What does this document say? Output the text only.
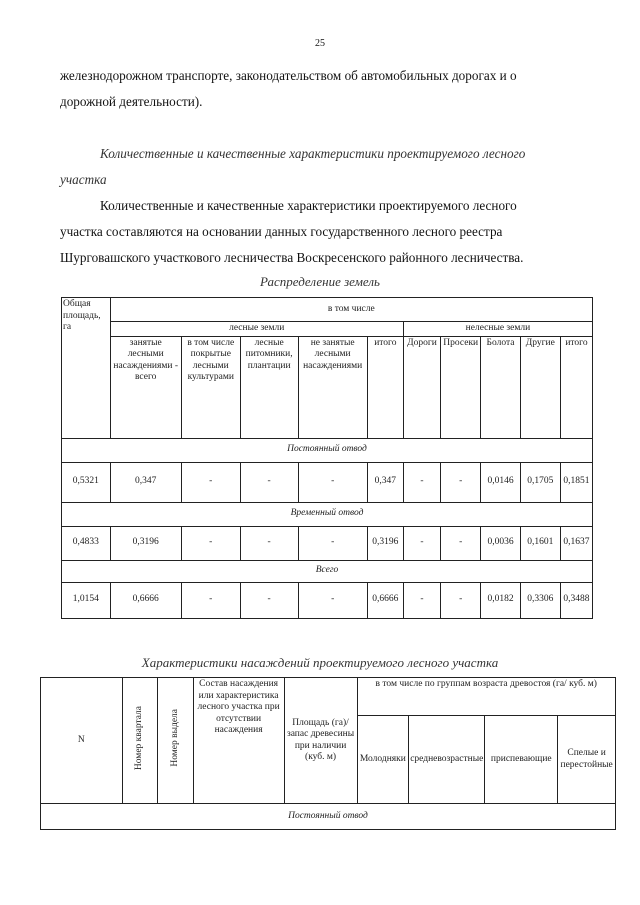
25
железнодорожном транспорте, законодательством об автомобильных дорогах и о
дорожной деятельности).
Количественные и качественные характеристики проектируемого лесного
участка
Количественные и качественные характеристики проектируемого лесного
участка составляются на основании данных государственного лесного реестра
Шурговашского участкового лесничества Воскресенского районного лесничества.
Распределение земель
Общая площадь, га	в том числе									
	лесные земли					нелесные земли				
	занятые лесными насаждениями - всего	в том числе покрытые лесными культурами	лесные питомники, плантации	не занятые лесными насаждениями	итого	Дороги	Просеки	Болота	Другие	итого
Постоянный отвод										
0,5321	0,347	-	-	-	0,347	-	-	0,0146	0,1705	0,1851
Временный отвод										
0,4833	0,3196	-	-	-	0,3196	-	-	0,0036	0,1601	0,1637
Всего										
1,0154	0,6666	-	-	-	0,6666	-	-	0,0182	0,3306	0,3488
Характеристики насаждений проектируемого лесного участка
N	Номер квартала	Номер выдела	Состав насаждения или характеристика лесного участка при отсутствии насаждения	Площадь (га)/запас древесины при наличии (куб. м)	в том числе по группам возраста древостоя (га/ куб. м)			
					Молодняки	средневозрастные	приспевающие	Спелые и перестойные
Постоянный отвод								
